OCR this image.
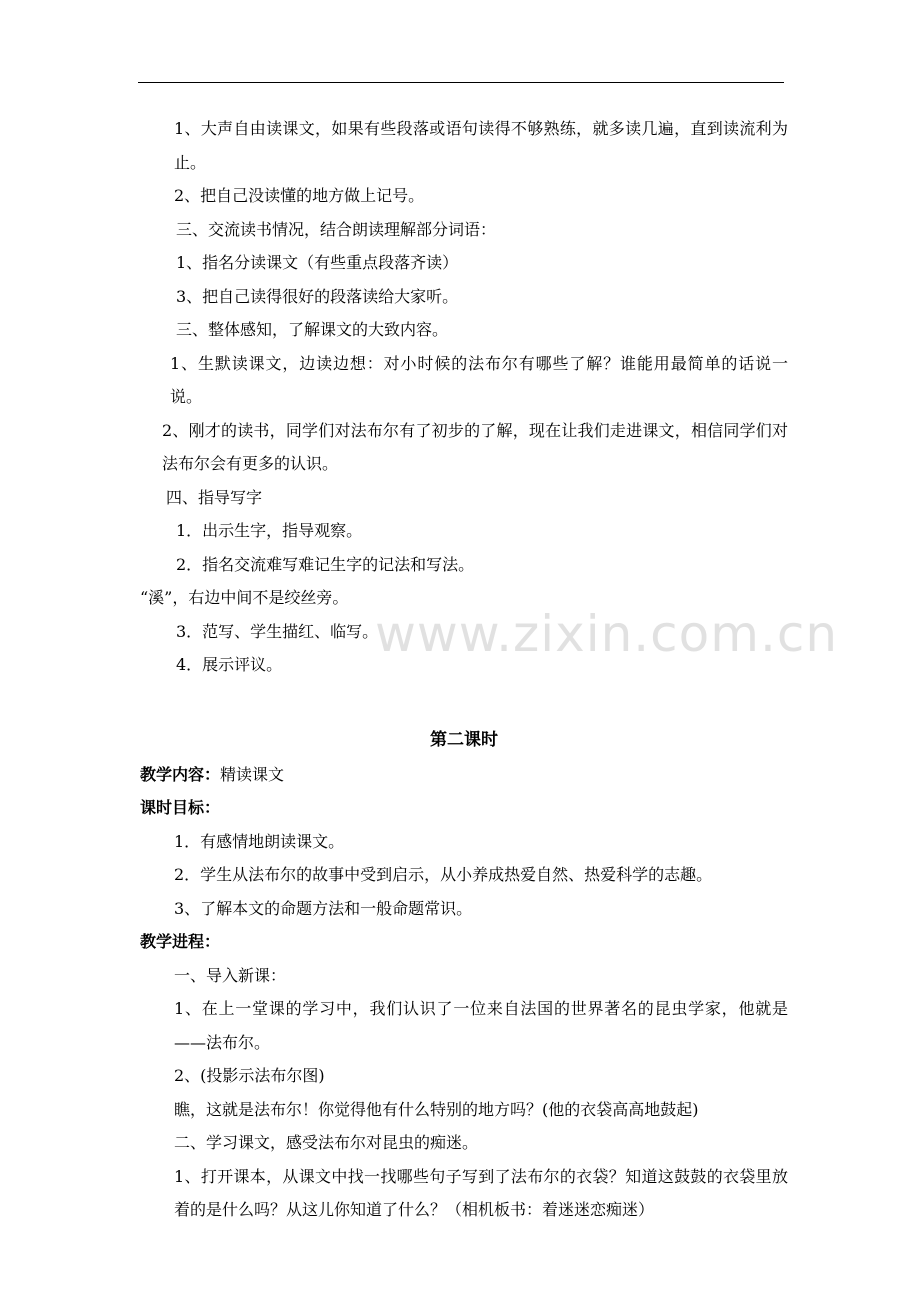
1、大声自由读课文，如果有些段落或语句读得不够熟练，就多读几遍，直到读流利为止。
2、把自己没读懂的地方做上记号。
三、交流读书情况，结合朗读理解部分词语：
1、指名分读课文（有些重点段落齐读）
3、把自己读得很好的段落读给大家听。
三、整体感知，了解课文的大致内容。
1、生默读课文，边读边想：对小时候的法布尔有哪些了解？谁能用最简单的话说一说。
2、刚才的读书，同学们对法布尔有了初步的了解，现在让我们走进课文，相信同学们对法布尔会有更多的认识。
四、指导写字
1．出示生字，指导观察。
2．指名交流难写难记生字的记法和写法。
“溪”，右边中间不是绞丝旁。
3．范写、学生描红、临写。
4．展示评议。
第二课时
教学内容：精读课文
课时目标：
1．有感情地朗读课文。
2．学生从法布尔的故事中受到启示，从小养成热爱自然、热爱科学的志趣。
3、了解本文的命题方法和一般命题常识。
教学进程：
一、导入新课：
1、在上一堂课的学习中，我们认识了一位来自法国的世界著名的昆虫学家，他就是——法布尔。
2、(投影示法布尔图)
瞧，这就是法布尔！你觉得他有什么特别的地方吗？(他的衣袋高高地鼓起)
二、学习课文，感受法布尔对昆虫的痴迷。
1、打开课本，从课文中找一找哪些句子写到了法布尔的衣袋？知道这鼓鼓的衣袋里放着的是什么吗？从这儿你知道了什么？（相机板书：着迷迷恋痴迷）
www.zixin.com.cn
